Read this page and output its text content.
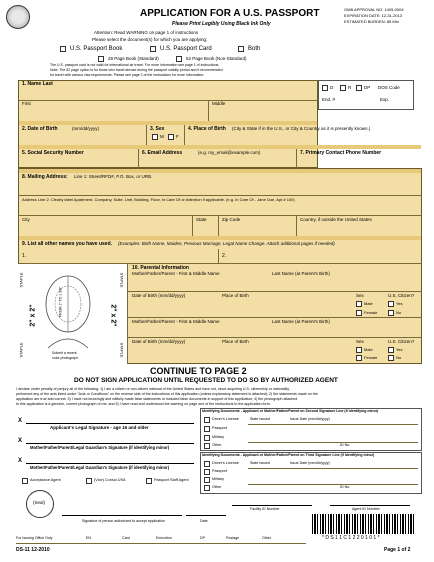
APPLICATION FOR A U.S. PASSPORT
Please Print Legibly Using Black Ink Only
OMB APPROVAL NO. 1405-0004
EXPIRATION DATE: 12-31-2013
ESTIMATED BURDEN: 85 Min
Attention: Read WARNING on page 1 of instructions
Please select the document(s) for which you are applying:
U.S. Passport Book	U.S. Passport Card	Both
28 Page Book (Standard)	52 Page Book (Non-Standard)
The U.S. passport card is not valid for international air travel. For more information see page 1 of instructions.
Note: The 52 page option is for those who travel abroad during the passport validity period and it recommended
for travel with various visa requirements. Please see page 2 of the instructions for more information.
D	R	DP DOS Code
End. #	Exp.
1. Name Last
First	Middle
2. Date of Birth	(mm/dd/yyyy)	3. Sex
M	F
4. Place of Birth (City & State if in the U.S., or City & Country as it is presently known.)
5. Social Security Number	6. Email Address	(e.g. my_email@example.com)	7. Primary Contact Phone Number
8. Mailing Address: Line 1: Street/RFD#, P.O. Box, or URB.
Address Line 2: Clearly label Apartment, Company, Suite, Unit, Building, Floor, In Care Of or Attention if applicable. (e.g. In Care Of - Jane Doe, Apt # 100)
City	State	Zip Code	Country, if outside the United States
9. List all other names you have used. (Examples: Birth Name, Maiden, Previous Marriage, Legal Name Change. Attach additional pages if needed)
1.	2.
STAPLE
STAPLE
STAPLE
STAPLE
2" x 2"	2" x 2"
FROM 1" TO 1 3/8"
Submit a recent
color photograph
10. Parental Information
Mother/Father/Parent - First & Middle Name	Last Name (at Parent's Birth)
Date of Birth (mm/dd/yyyy)	Place of Birth	Sex	U.S. Citizen?
Male
Female
Yes
No
Mother/Father/Parent - First & Middle Name	Last Name (at Parent's Birth)
Date of Birth (mm/dd/yyyy)	Place of Birth	Sex	U.S. Citizen?
Male
Female
Yes
No
CONTINUE TO PAGE 2
DO NOT SIGN APPLICATION UNTIL REQUESTED TO DO SO BY AUTHORIZED AGENT
I declare under penalty of perjury all of the following: 1) I am a citizen or non-citizen national of the United States and have not, since acquiring U.S. citizenship or nationality,
performed any of the acts listed under "Acts or Conditions" on the reverse side of the instructions of this application (unless explanatory statement is attached); 2) the statements made on the
application are true and correct; 3) I have not knowingly and willfully made false statements or included false documents in support of this application; 4) the photograph attached
to this application is a genuine, current photograph of me; and 5) I have read and understood the warning on page one of the instructions to the application form.
X
Applicant's Legal Signature - age 16 and older
X
Mother/Father/Parent/Legal Guardian's Signature (if identifying minor)
X
Mother/Father/Parent/Legal Guardian's Signature (if identifying minor)
Identifying Documents - Applicant or Mother/Father/Parent on Second Signature Line (if identifying minor)
Driver's License
Passport
Military
Other
State Issued	Issue Date (mm/dd/yyyy)
ID No.
Identifying Documents - Applicant or Mother/Father/Parent on Third Signature Line (if identifying minor)
Driver's License
Passport
Military
Other
State Issued	Issue Date (mm/dd/yyyy)
ID No.
Acceptance Agent	(Vice) Consul USA	Passport Staff Agent
(Seal)
Signature of person authorized to accept application	Date
Facility ID Number	Agent ID Number
* D S 1 1 C 1 2 2 0 1 0 1 *
For Issuing Office Only	EN	Card	Execution	DP	Postage	Other
DS-11 12-2010	Page 1 of 2
